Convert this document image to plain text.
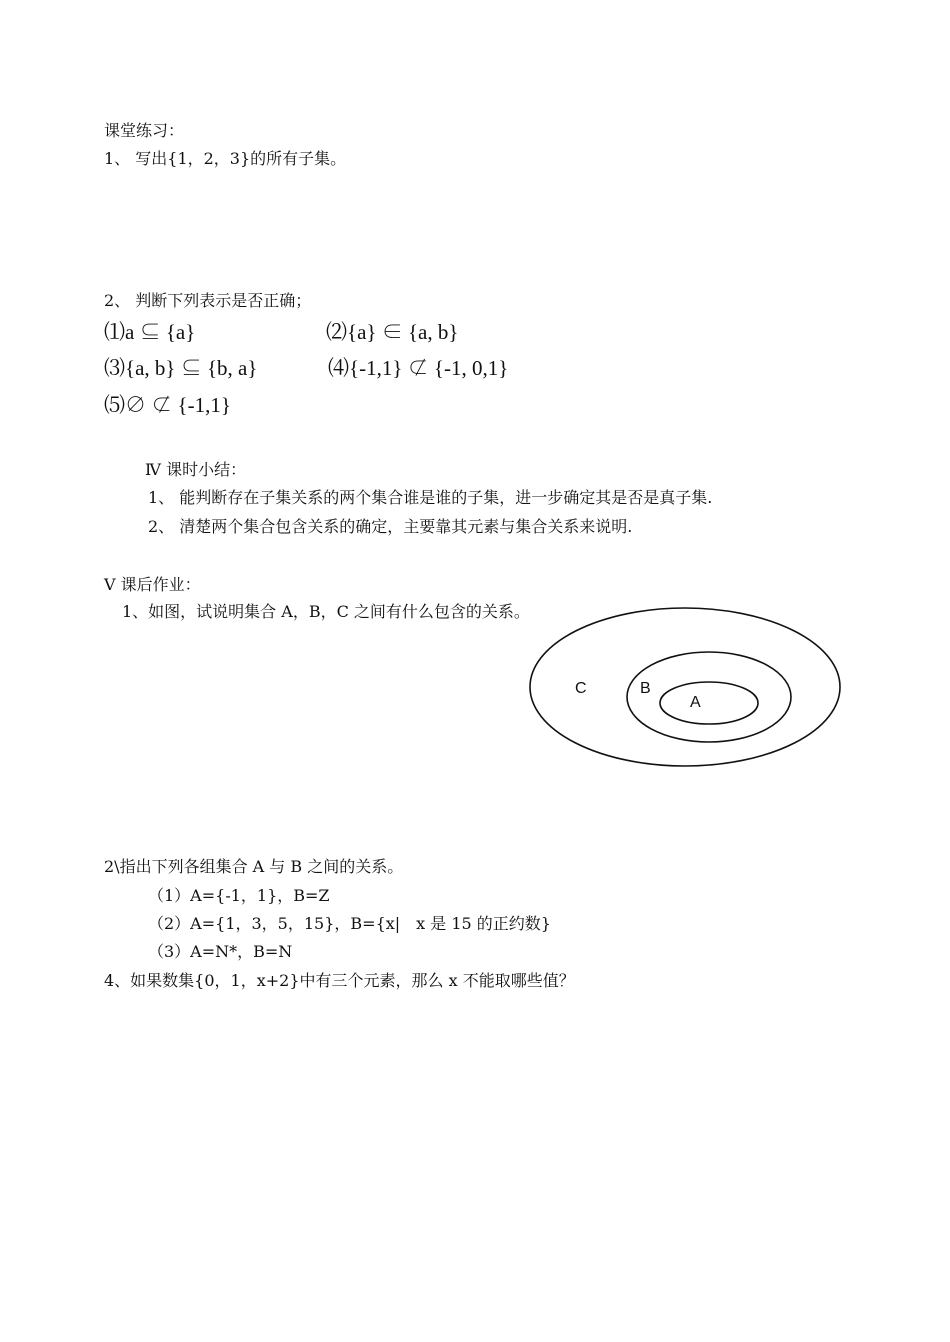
课堂练习：
1、 写出{1，2，3}的所有子集。
2、 判断下列表示是否正确；
⑴a ⊆ {a}	⑵{a} ∈ {a, b}
⑶{a, b} ⊆ {b, a}	⑷{-1,1} ⊄ {-1, 0,1}
⑸∅ ⊄ {-1,1}
Ⅳ 课时小结：
1、 能判断存在子集关系的两个集合谁是谁的子集，进一步确定其是否是真子集.
2、 清楚两个集合包含关系的确定，主要靠其元素与集合关系来说明.
Ⅴ 课后作业：
1、如图，试说明集合 A，B，C 之间有什么包含的关系。
C	B
A
2\指出下列各组集合 A 与 B 之间的关系。
（1）A={-1，1}，B=Z
（2）A={1，3，5，15}，B={x|　x 是 15 的正约数}
（3）A=N*，B=N
4、如果数集{0，1，x+2}中有三个元素，那么 x 不能取哪些值？
